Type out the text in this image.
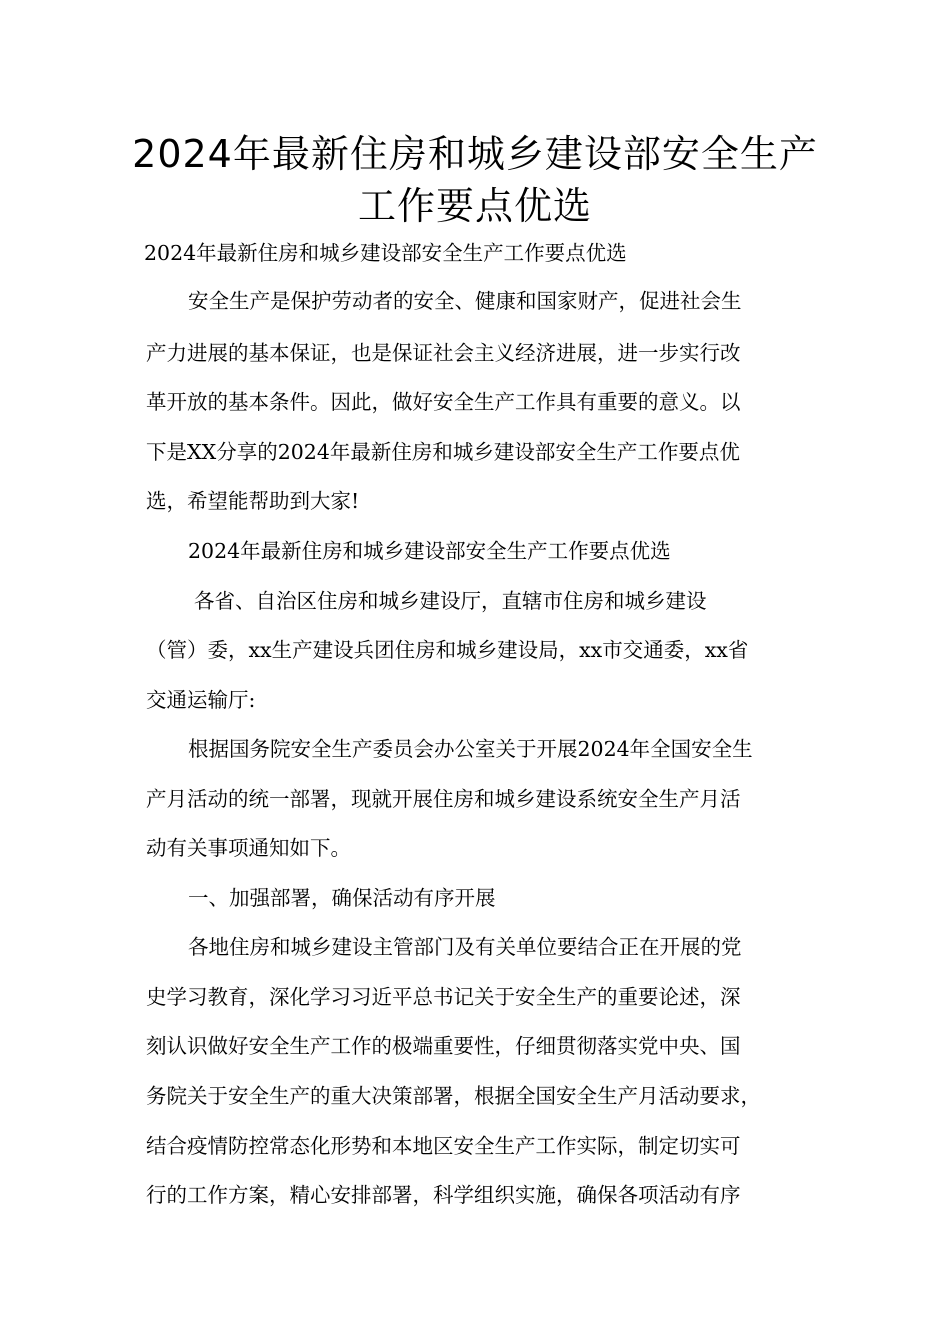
2024年最新住房和城乡建设部安全生产
工作要点优选

2024年最新住房和城乡建设部安全生产工作要点优选

安全生产是保护劳动者的安全、健康和国家财产，促进社会生

产力进展的基本保证，也是保证社会主义经济进展，进一步实行改

革开放的基本条件。因此，做好安全生产工作具有重要的意义。以

下是XX分享的2024年最新住房和城乡建设部安全生产工作要点优

选，希望能帮助到大家!

2024年最新住房和城乡建设部安全生产工作要点优选

各省、自治区住房和城乡建设厅，直辖市住房和城乡建设

（管）委，xx生产建设兵团住房和城乡建设局，xx市交通委，xx省

交通运输厅:

根据国务院安全生产委员会办公室关于开展2024年全国安全生

产月活动的统一部署，现就开展住房和城乡建设系统安全生产月活

动有关事项通知如下。

一、加强部署，确保活动有序开展

各地住房和城乡建设主管部门及有关单位要结合正在开展的党

史学习教育，深化学习习近平总书记关于安全生产的重要论述，深

刻认识做好安全生产工作的极端重要性，仔细贯彻落实党中央、国

务院关于安全生产的重大决策部署，根据全国安全生产月活动要求，

结合疫情防控常态化形势和本地区安全生产工作实际，制定切实可

行的工作方案，精心安排部署，科学组织实施，确保各项活动有序
